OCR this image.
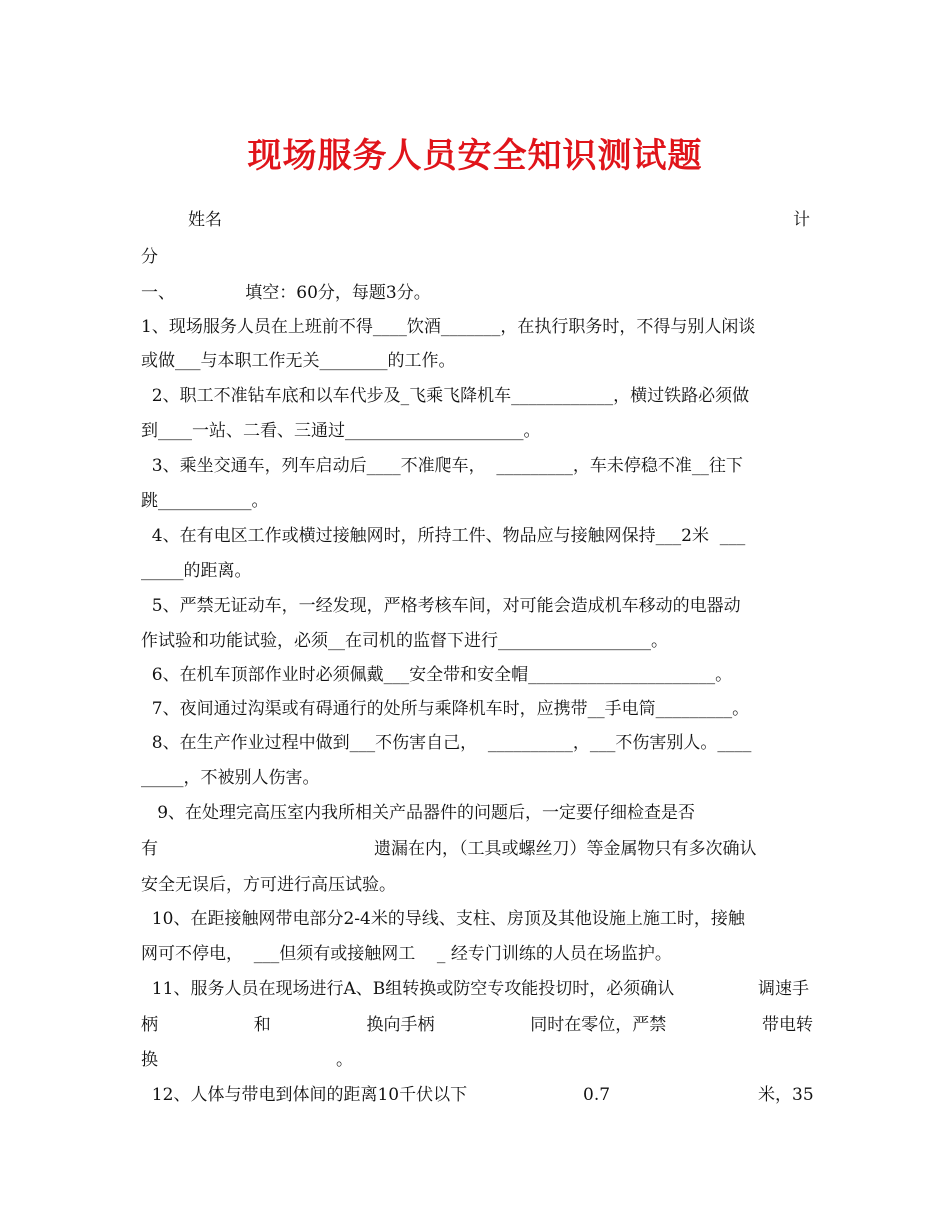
现场服务人员安全知识测试题
姓名	计
分
一、             填空：60分，每题3分。
1、现场服务人员在上班前不得____饮酒_______，在执行职务时，不得与别人闲谈
或做___与本职工作无关________的工作。
2、职工不准钻车底和以车代步及_飞乘飞降机车____________，横过铁路必须做
到____一站、二看、三通过_____________________。
3、乘坐交通车，列车启动后____不准爬车，  _________，车未停稳不准__往下
跳___________。
4、在有电区工作或横过接触网时，所持工件、物品应与接触网保持___2米  ___
_____的距离。
5、严禁无证动车，一经发现，严格考核车间，对可能会造成机车移动的电器动
作试验和功能试验，必须__在司机的监督下进行__________________。
6、在机车顶部作业时必须佩戴___安全带和安全帽______________________。
7、夜间通过沟渠或有碍通行的处所与乘降机车时，应携带__手电筒_________。
8、在生产作业过程中做到___不伤害自己，  __________，___不伤害别人。____
_____，不被别人伤害。
9、在处理完高压室内我所相关产品器件的问题后，一定要仔细检查是否
有	遗漏在内，（工具或螺丝刀）等金属物只有多次确认
安全无误后，方可进行高压试验。
10、在距接触网带电部分2-4米的导线、支柱、房顶及其他设施上施工时，接触
网可不停电，  ___但须有或接触网工    _ 经专门训练的人员在场监护。
11、服务人员在现场进行A、B组转换或防空专攻能投切时，必须确认	调速手
柄	和	换向手柄	同时在零位，严禁	带电转
换	。
12、人体与带电到体间的距离10千伏以下	0.7	米，35
